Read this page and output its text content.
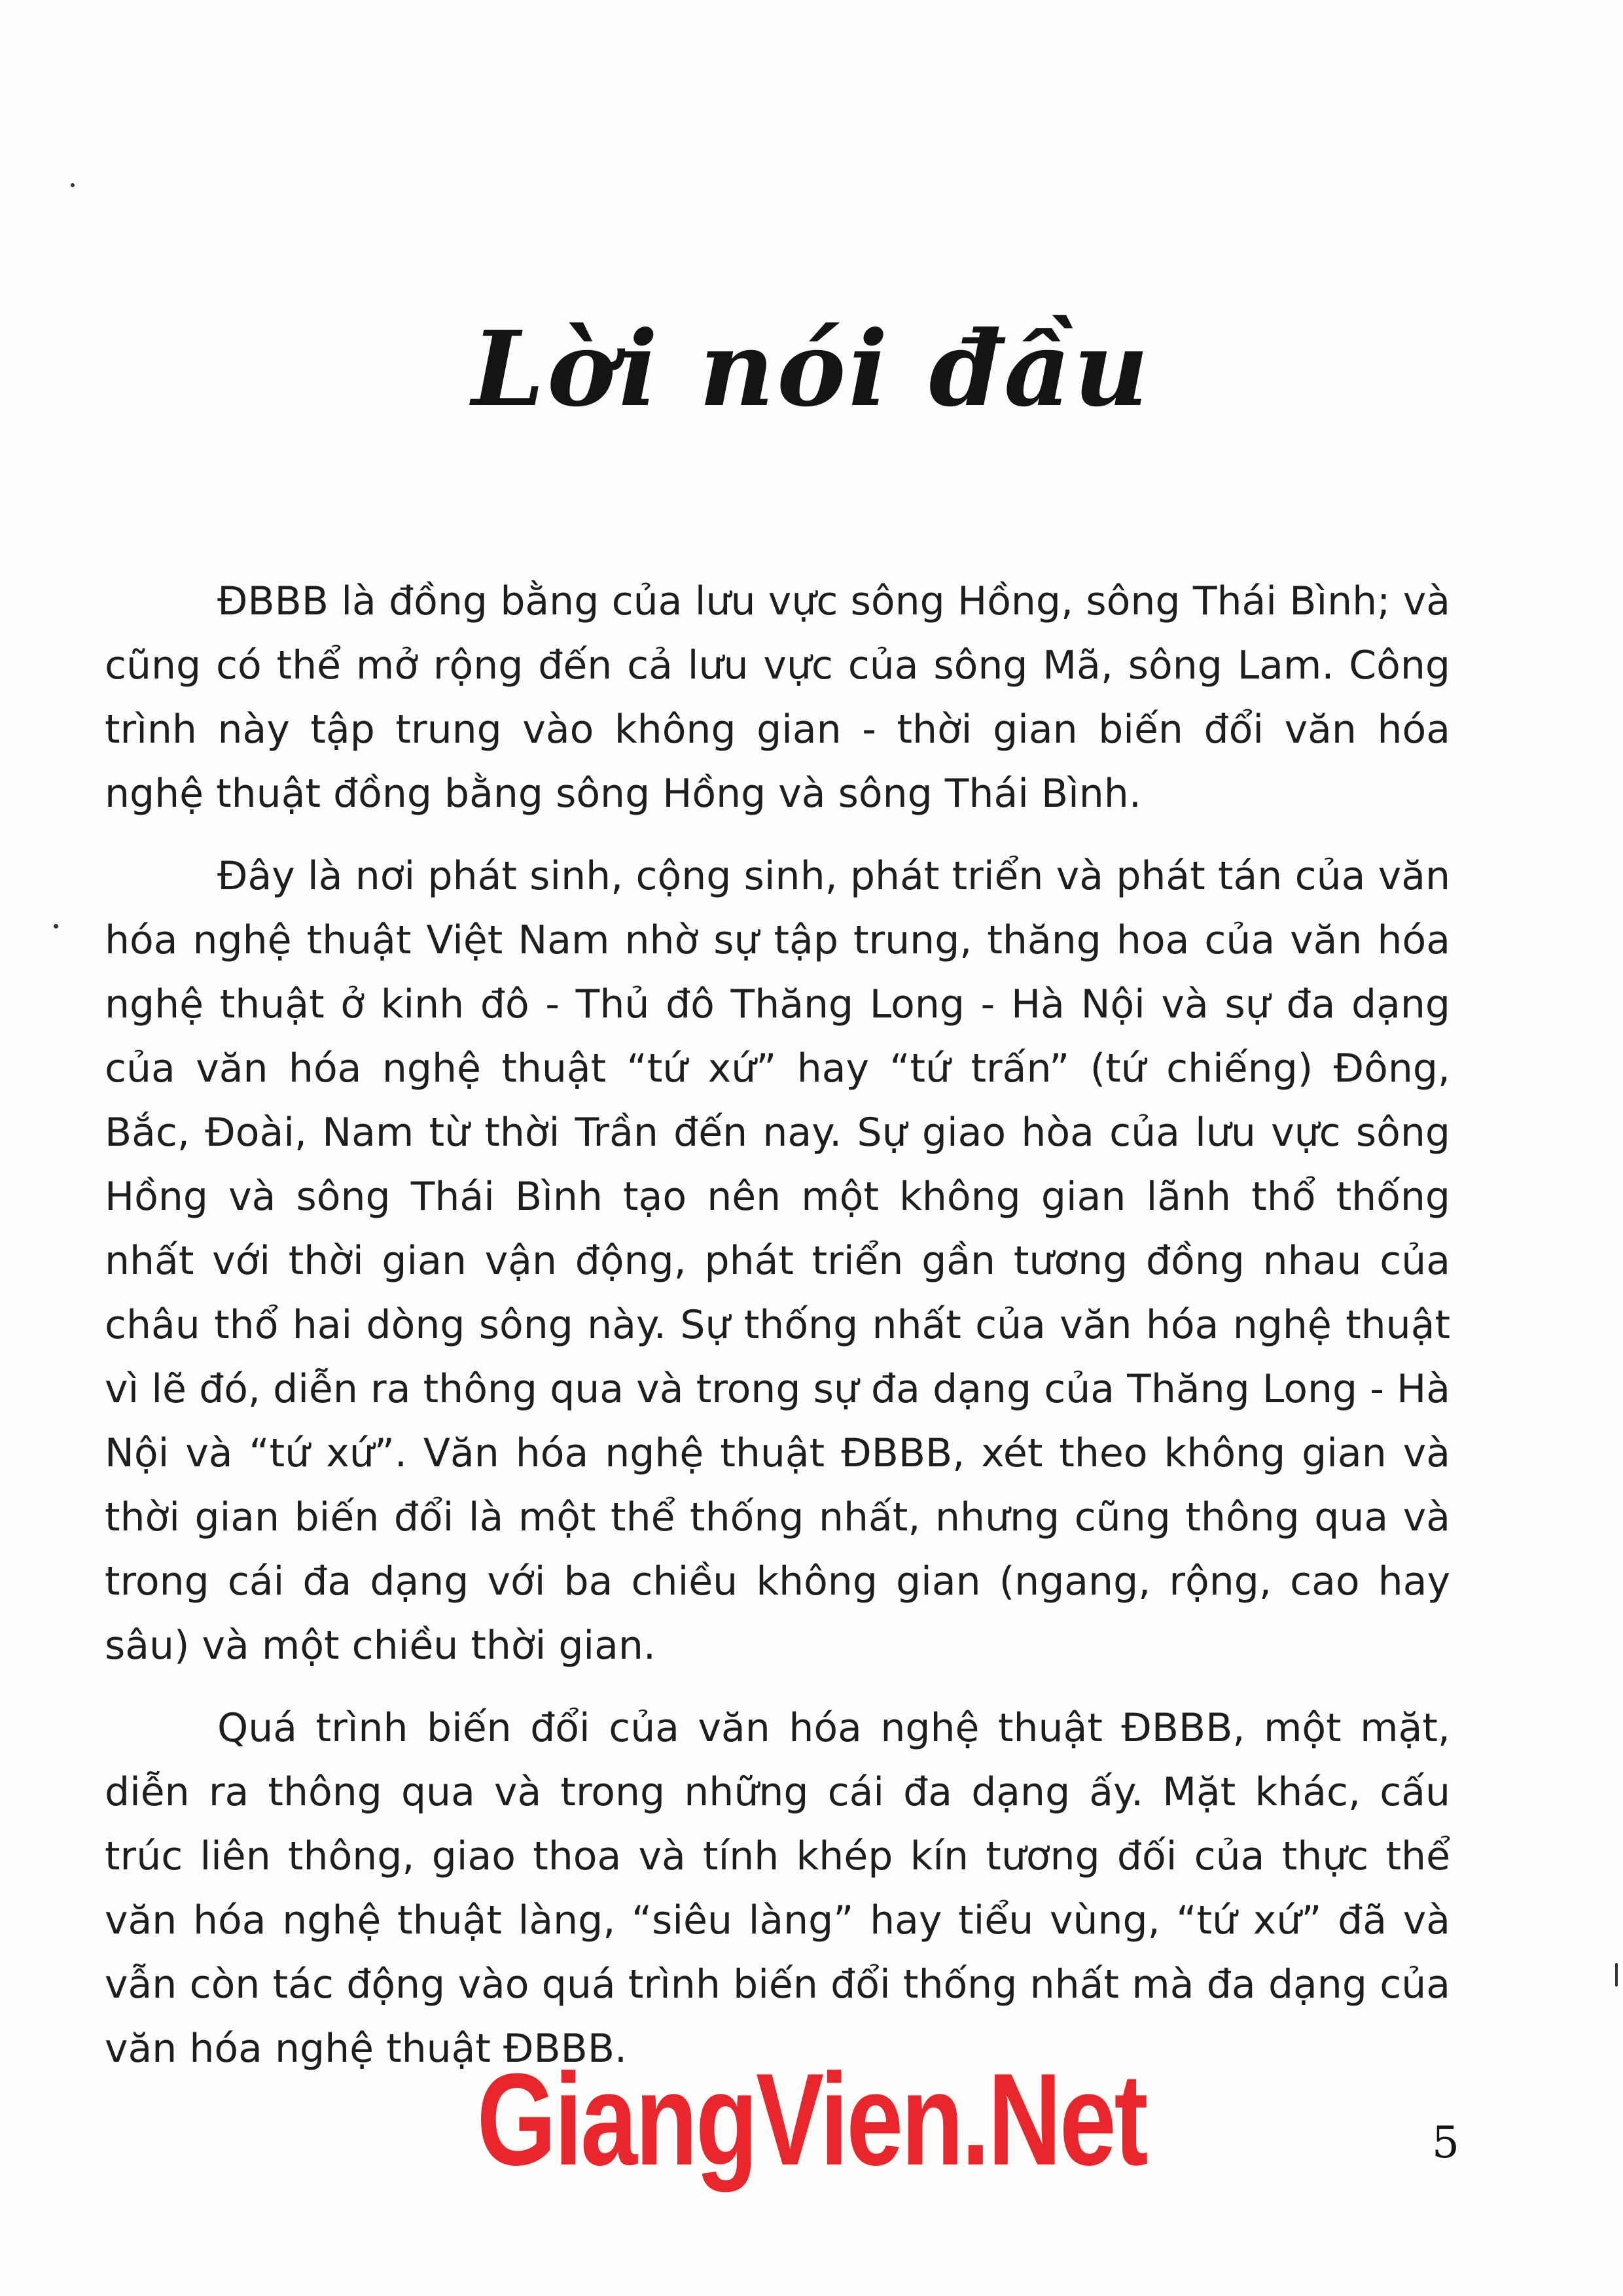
Lời nói đầu

ĐBBB là đồng bằng của lưu vực sông Hồng, sông Thái Bình; và cũng có thể mở rộng đến cả lưu vực của sông Mã, sông Lam. Công trình này tập trung vào không gian - thời gian biến đổi văn hóa nghệ thuật đồng bằng sông Hồng và sông Thái Bình.

Đây là nơi phát sinh, cộng sinh, phát triển và phát tán của văn hóa nghệ thuật Việt Nam nhờ sự tập trung, thăng hoa của văn hóa nghệ thuật ở kinh đô - Thủ đô Thăng Long - Hà Nội và sự đa dạng của văn hóa nghệ thuật “tứ xứ” hay “tứ trấn” (tứ chiếng) Đông, Bắc, Đoài, Nam từ thời Trần đến nay. Sự giao hòa của lưu vực sông Hồng và sông Thái Bình tạo nên một không gian lãnh thổ thống nhất với thời gian vận động, phát triển gần tương đồng nhau của châu thổ hai dòng sông này. Sự thống nhất của văn hóa nghệ thuật vì lẽ đó, diễn ra thông qua và trong sự đa dạng của Thăng Long - Hà Nội và “tứ xứ”. Văn hóa nghệ thuật ĐBBB, xét theo không gian và thời gian biến đổi là một thể thống nhất, nhưng cũng thông qua và trong cái đa dạng với ba chiều không gian (ngang, rộng, cao hay sâu) và một chiều thời gian.

Quá trình biến đổi của văn hóa nghệ thuật ĐBBB, một mặt, diễn ra thông qua và trong những cái đa dạng ấy. Mặt khác, cấu trúc liên thông, giao thoa và tính khép kín tương đối của thực thể văn hóa nghệ thuật làng, “siêu làng” hay tiểu vùng, “tứ xứ” đã và vẫn còn tác động vào quá trình biến đổi thống nhất mà đa dạng của văn hóa nghệ thuật ĐBBB.

GiangVien.Net	5
